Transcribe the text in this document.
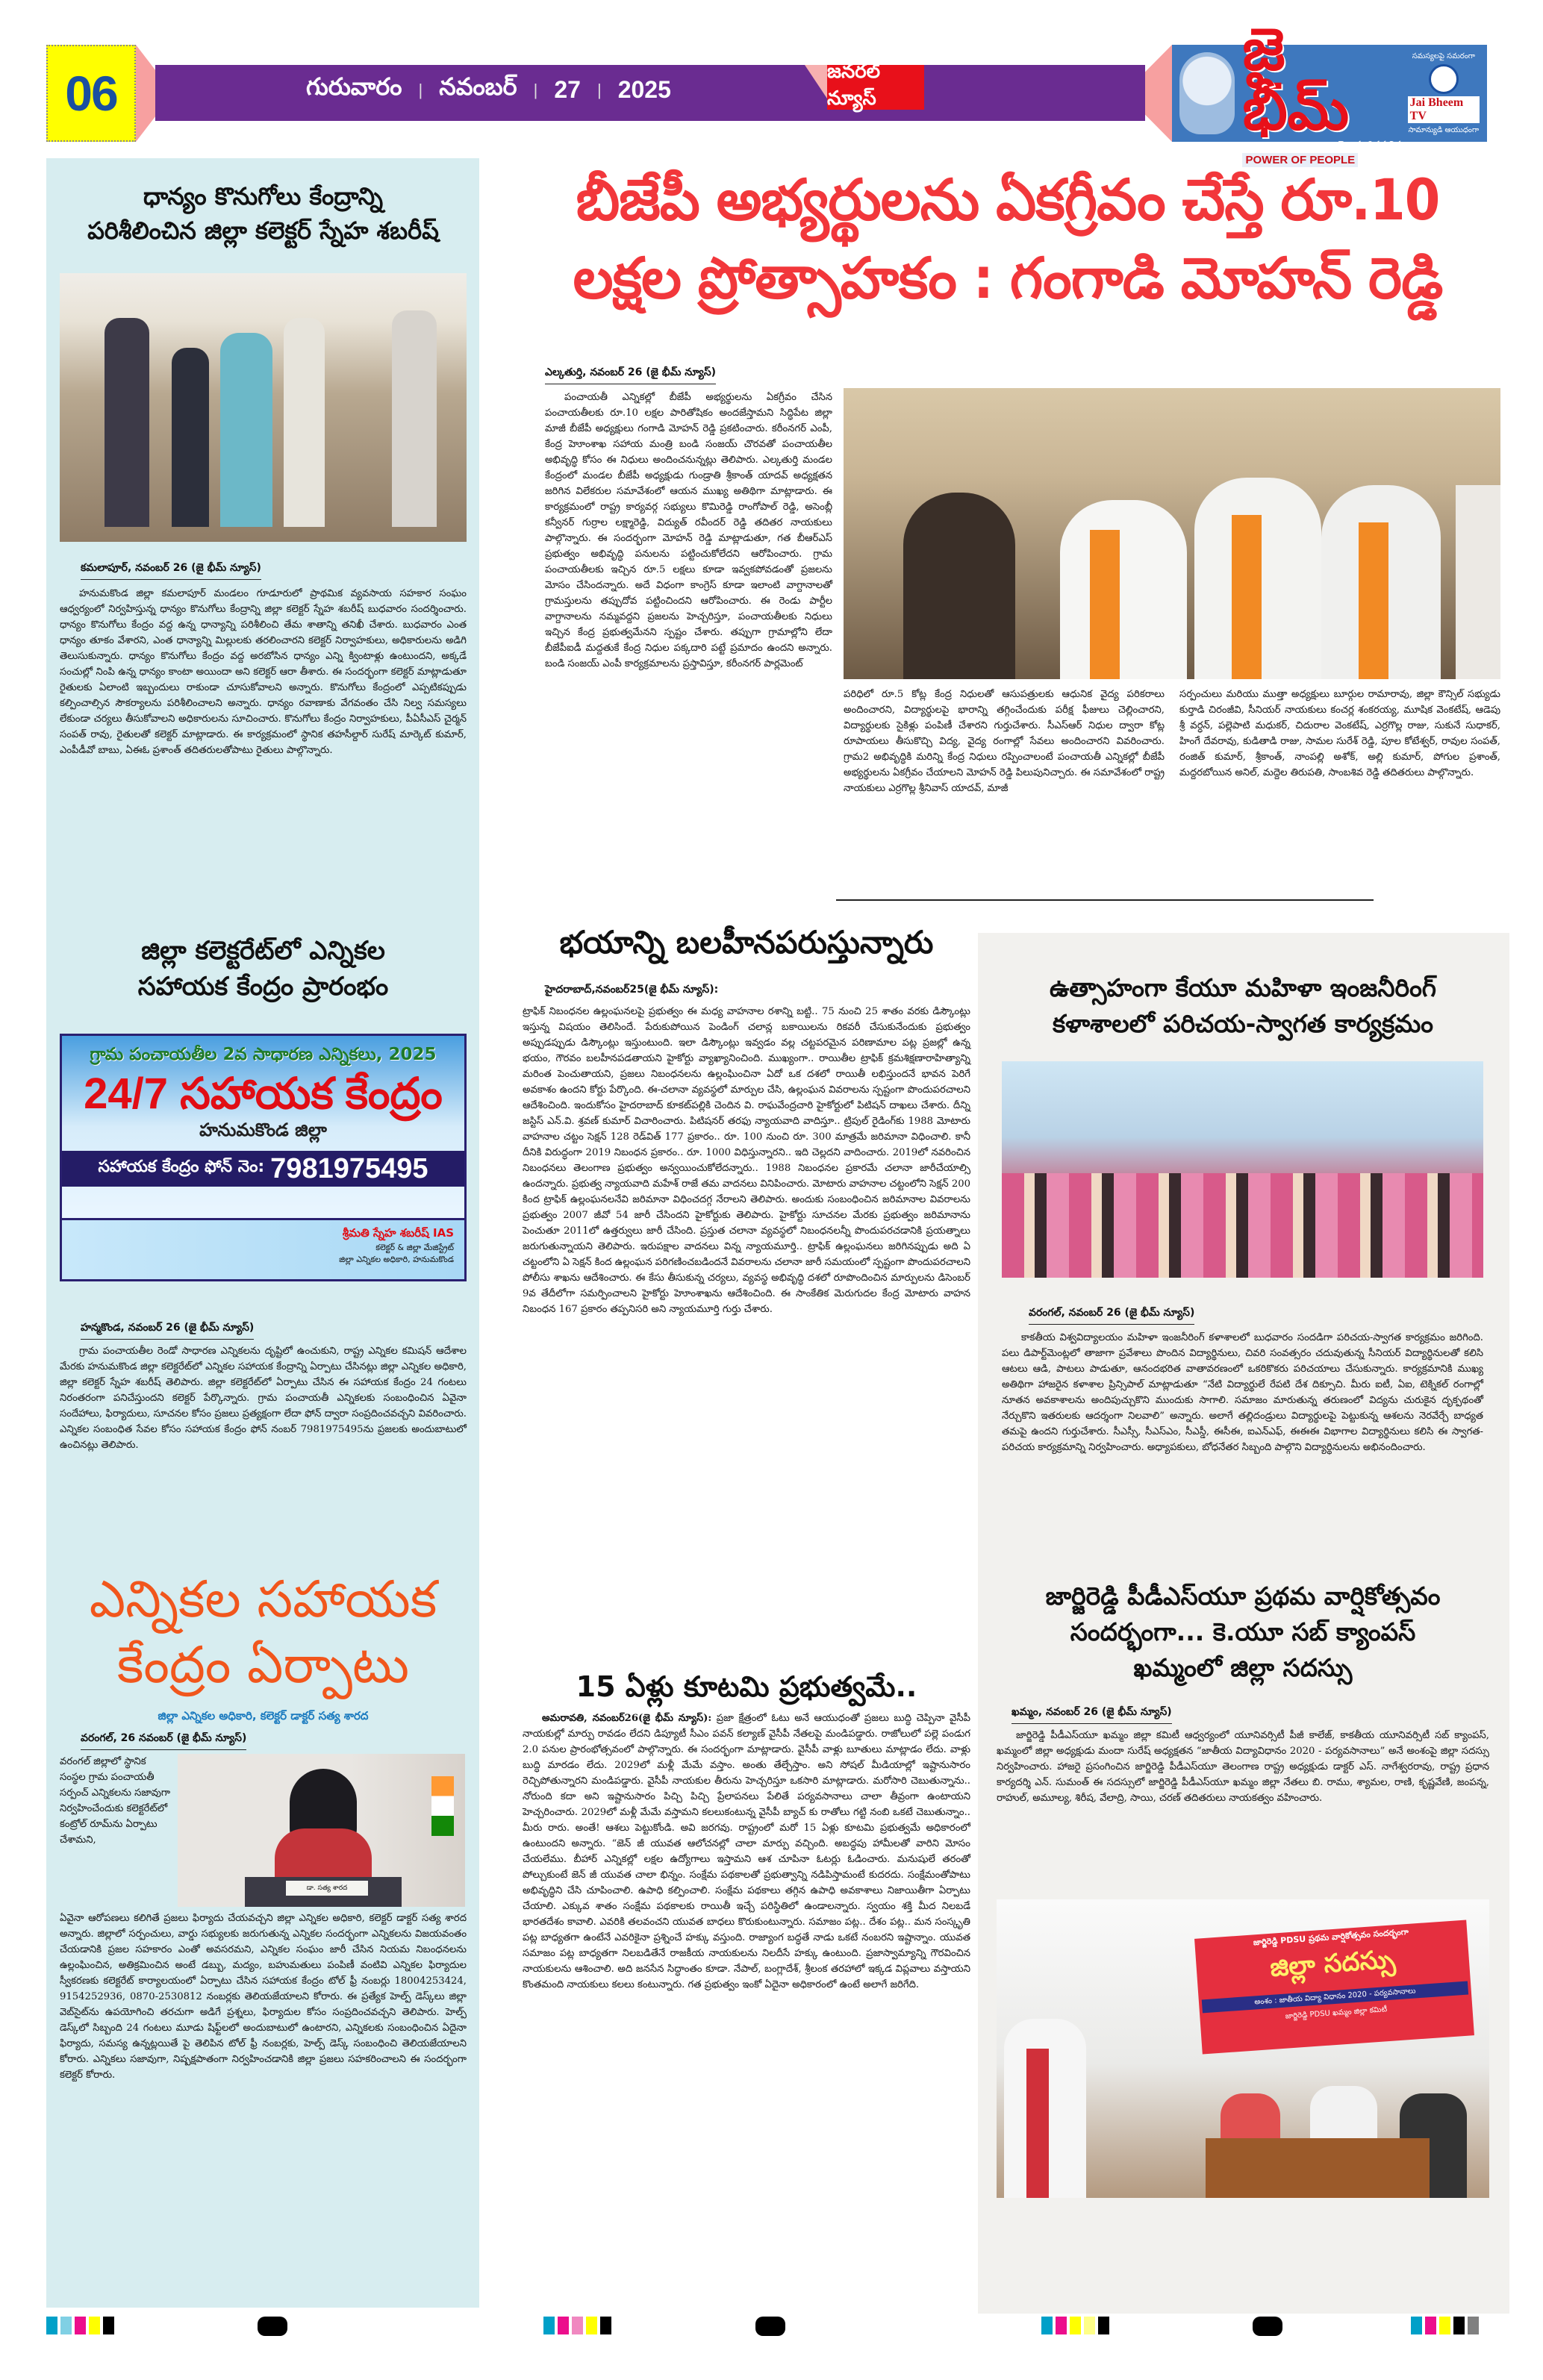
06	గురువారం | నవంబర్ | 27 | 2025
జనరల్ న్యూస్
జై భీమ్
తెలుగు దినపత్రిక
POWER OF PEOPLE
సమస్యలపై సమరంగా
Jai Bheem TV
సామాన్యుడి ఆయుధంగా
ధాన్యం కొనుగోలు కేంద్రాన్ని
పరిశీలించిన జిల్లా కలెక్టర్ స్నేహ శబరీష్
కమలాపూర్, నవంబర్ 26 (జై భీమ్ న్యూస్)
హనుమకొండ జిల్లా కమలాపూర్ మండలం గూడూరులో ప్రాథమిక వ్యవసాయ సహకార సంఘం ఆధ్వర్యంలో నిర్వహిస్తున్న ధాన్యం కొనుగోలు కేంద్రాన్ని జిల్లా కలెక్టర్ స్నేహ శబరీష్ బుధవారం సందర్శించారు. ధాన్యం కొనుగోలు కేంద్రం వద్ద ఉన్న ధాన్యాన్ని పరిశీలించి తేమ శాతాన్ని తనిఖీ చేశారు. బుధవారం ఎంత ధాన్యం తూకం వేశారని, ఎంత ధాన్యాన్ని మిల్లులకు తరలించారని కలెక్టర్ నిర్వాహకులు, అధికారులను అడిగి తెలుసుకున్నారు. ధాన్యం కొనుగోలు కేంద్రం వద్ద అరబోసిన ధాన్యం ఎన్ని క్వింటాళ్లు ఉంటుందని, అక్కడే సంచుల్లో నింపి ఉన్న ధాన్యం కాంటా అయిందా అని కలెక్టర్ ఆరా తీశారు. ఈ సందర్భంగా కలెక్టర్ మాట్లాడుతూ రైతులకు ఏలాంటి ఇబ్బందులు రాకుండా చూసుకోవాలని అన్నారు. కొనుగోలు కేంద్రంలో ఎప్పటికప్పుడు కల్పించాల్సిన సౌకర్యాలను పరిశీలించాలని అన్నారు. ధాన్యం రవాణాకు వేగవంతం చేసి నిల్వ సమస్యలు లేకుండా చర్యలు తీసుకోవాలని అధికారులను సూచించారు. కొనుగోలు కేంద్రం నిర్వాహకులు, పీఏసీఎస్ చైర్మన్ సంపత్ రావు, రైతులతో కలెక్టర్ మాట్లాడారు. ఈ కార్యక్రమంలో స్థానిక తహసీల్దార్ సురేష్ మార్కెట్ కుమార్, ఎంపీడీవో బాబు, ఏఈఓ ప్రశాంత్ తదితరులతోపాటు రైతులు పాల్గొన్నారు.
జిల్లా కలెక్టరేట్‌లో ఎన్నికల
సహాయక కేంద్రం ప్రారంభం
గ్రామ పంచాయతీల 2వ సాధారణ ఎన్నికలు, 2025
24/7 సహాయక కేంద్రం
హనుమకొండ జిల్లా
సహాయక కేంద్రం ఫోన్ నెం: 7981975495
శ్రీమతి స్నేహ శబరీష్ IAS
కలెక్టర్ & జిల్లా మేజిస్ట్రేట్
జిల్లా ఎన్నికల అధికారి, హనుమకొండ
హన్మకొండ, నవంబర్ 26 (జై భీమ్ న్యూస్)
గ్రామ పంచాయతీల రెండో సాధారణ ఎన్నికలను దృష్టిలో ఉంచుకుని, రాష్ట్ర ఎన్నికల కమిషన్ ఆదేశాల మేరకు హనుమకొండ జిల్లా కలెక్టరేట్‌లో ఎన్నికల సహాయక కేంద్రాన్ని ఏర్పాటు చేసినట్లు జిల్లా ఎన్నికల అధికారి, జిల్లా కలెక్టర్ స్నేహ శబరీష్ తెలిపారు. జిల్లా కలెక్టరేట్‌లో ఏర్పాటు చేసిన ఈ సహాయక కేంద్రం 24 గంటలు నిరంతరంగా పనిచేస్తుందని కలెక్టర్ పేర్కొన్నారు. గ్రామ పంచాయతీ ఎన్నికలకు సంబంధించిన ఏవైనా సందేహాలు, ఫిర్యాదులు, సూచనల కోసం ప్రజలు ప్రత్యక్షంగా లేదా ఫోన్ ద్వారా సంప్రదించవచ్చని వివరించారు. ఎన్నికల సంబంధిత సేవల కోసం సహాయక కేంద్రం ఫోన్ నంబర్ 7981975495ను ప్రజలకు అందుబాటులో ఉంచినట్లు తెలిపారు.
ఎన్నికల సహాయక కేంద్రం ఏర్పాటు
జిల్లా ఎన్నికల అధికారి, కలెక్టర్ డాక్టర్ సత్య శారద
వరంగల్, 26 నవంబర్ (జై భీమ్ న్యూస్)
వరంగల్ జిల్లాలో స్థానిక సంస్థల గ్రామ పంచాయతీ సర్పంచ్ ఎన్నికలను సజావుగా నిర్వహించేందుకు కలెక్టరేట్‌లో కంట్రోల్ రూమ్‌ను ఏర్పాటు చేశామని,
డా. సత్య శారద
ఏవైనా ఆరోపణలు కలిగితే ప్రజలు ఫిర్యాదు చేయవచ్చని జిల్లా ఎన్నికల అధికారి, కలెక్టర్ డాక్టర్ సత్య శారద అన్నారు. జిల్లాలో సర్పంచులు, వార్డు సభ్యులకు జరుగుతున్న ఎన్నికల సందర్భంగా ఎన్నికలను విజయవంతం చేయడానికి ప్రజల సహకారం ఎంతో అవసరమని, ఎన్నికల సంఘం జారీ చేసిన నియమ నిబంధనలను ఉల్లంఘించిన, అతిక్రమించిన అంటే డబ్బు, మద్యం, బహుమతులు పంపిణీ వంటివి ఎన్నికల ఫిర్యాదుల స్వీకరణకు కలెక్టరేట్ కార్యాలయంలో ఏర్పాటు చేసిన సహాయక కేంద్రం టోల్ ఫ్రీ నంబర్లు 18004253424, 9154252936, 0870-2530812 నంబర్లకు తెలియజేయాలని కోరారు. ఈ ప్రత్యేక హెల్ప్ డెస్క్‌లు జిల్లా వెబ్‌సైట్‌ను ఉపయోగించి తరచుగా అడిగే ప్రశ్నలు, ఫిర్యాదుల కోసం సంప్రదించవచ్చని తెలిపారు. హెల్ప్ డెస్క్‌లో సిబ్బంది 24 గంటలు మూడు షిఫ్ట్‌లలో అందుబాటులో ఉంటారని, ఎన్నికలకు సంబంధించిన ఏదైనా ఫిర్యాదు, సమస్య ఉన్నట్లయితే పై తెలిపిన టోల్ ఫ్రీ నంబర్లకు, హెల్ప్ డెస్క్ సంబంధించి తెలియజేయాలని కోరారు. ఎన్నికలు సజావుగా, నిష్పక్షపాతంగా నిర్వహించడానికి జిల్లా ప్రజలు సహకరించాలని ఈ సందర్భంగా కలెక్టర్ కోరారు.
బీజేపీ అభ్యర్థులను ఏకగ్రీవం చేస్తే రూ.10
లక్షల ప్రోత్సాహకం : గంగాడి మోహన్ రెడ్డి
ఎల్కతుర్తి, నవంబర్ 26 (జై భీమ్ న్యూస్)
పంచాయతీ ఎన్నికల్లో బీజేపీ అభ్యర్థులను ఏకగ్రీవం చేసిన పంచాయతీలకు రూ.10 లక్షల పారితోషికం అందజేస్తామని సిద్ధిపేట జిల్లా మాజీ బీజేపీ అధ్యక్షులు గంగాడి మోహన్ రెడ్డి ప్రకటించారు. కరీంనగర్ ఎంపీ, కేంద్ర హెూంశాఖ సహాయ మంత్రి బండి సంజయ్ చొరవతో పంచాయతీల అభివృద్ధి కోసం ఈ నిధులు అందించనున్నట్లు తెలిపారు. ఎల్కతుర్తి మండల కేంద్రంలో మండల బీజేపీ అధ్యక్షుడు గుండ్రాతి శ్రీకాంత్ యాదవ్ అధ్యక్షతన జరిగిన విలేకరుల సమావేశంలో ఆయన ముఖ్య అతిథిగా మాట్లాడారు. ఈ కార్యక్రమంలో రాష్ట్ర కార్యవర్గ సభ్యులు కొమిరెడ్డి రాంగోపాల్ రెడ్డి, అసెంబ్లీ కన్వీనర్ గుర్రాల లక్ష్మారెడ్డి, విద్యుత్ రవీందర్ రెడ్డి తదితర నాయకులు పాల్గొన్నారు. ఈ సందర్భంగా మోహన్ రెడ్డి మాట్లాడుతూ, గత బీఆర్ఎస్ ప్రభుత్వం అభివృద్ధి పనులను పట్టించుకోలేదని ఆరోపించారు. గ్రామ పంచాయతీలకు ఇచ్చిన రూ.5 లక్షలు కూడా ఇవ్వకపోవడంతో ప్రజలను మోసం చేసిందన్నారు. అదే విధంగా కాంగ్రెస్ కూడా ఇలాంటి వాగ్దానాలతో గ్రామస్తులను తప్పుదోవ పట్టించిందని ఆరోపించారు. ఈ రెండు పార్టీల వాగ్దానాలను నమ్మవద్దని ప్రజలను హెచ్చరిస్తూ, పంచాయతీలకు నిధులు ఇచ్చిన కేంద్ర ప్రభుత్వమేనని స్పష్టం చేశారు. తప్పుగా గ్రామాల్లోని లేదా బీజేపీఐడీ మద్దతుకే కేంద్ర నిధుల పక్కదారి పట్టే ప్రమాదం ఉందని అన్నారు. బండి సంజయ్ ఎంపీ కార్యక్రమాలను ప్రస్తావిస్తూ, కరీంనగర్ పార్లమెంట్
పరిధిలో రూ.5 కోట్ల కేంద్ర నిధులతో ఆసుపత్రులకు ఆధునిక వైద్య పరికరాలు అందించారని, విద్యార్థులపై భారాన్ని తగ్గించేందుకు పరీక్ష ఫీజులు చెల్లించారని, విద్యార్థులకు సైకిళ్లు పంపిణీ చేశారని గుర్తుచేశారు. సీఎస్ఆర్ నిధుల ద్వారా కోట్ల రూపాయలు తీసుకొచ్చి విద్య, వైద్య రంగాల్లో సేవలు అందించారని వివరించారు. గ్రామ2 అభివృద్ధికి మరిన్ని కేంద్ర నిధులు రప్పించాలంటే పంచాయతీ ఎన్నికల్లో బీజేపీ అభ్యర్థులను ఏకగ్రీవం చేయాలని మోహన్ రెడ్డి పిలుపునిచ్చారు. ఈ సమావేశంలో రాష్ట్ర నాయకులు ఎర్రగొల్ల శ్రీనివాస్ యాదవ్, మాజీ
సర్పంచులు మరియు ముత్తా అధ్యక్షులు బూర్గుల రామారావు, జిల్లా కౌన్సిల్ సభ్యుడు కుర్తాడి చిరంజీవి, సీనియర్ నాయకులు కంచర్ల శంకరయ్య, మూషిక వెంకటేష్, ఆడెపు శ్రీ వర్ధన్, పల్లెపాటి మధుకర్, చిదురాల వెంకటేష్, ఎర్రగొల్ల రాజు, సుకునే సుధాకర్, హింగే దేవరావు, కుడితాడి రాజు, సామల సురేశ్ రెడ్డి, పూల కోటేశ్వర్, రావుల సంపత్, రంజిత్ కుమార్, శ్రీకాంత్, నాంపల్లి అశోక్, అల్లి కుమార్, పోగుల ప్రశాంత్, మద్దరబోయిన అనిల్, మద్దెల తిరుపతి, సాంబశివ రెడ్డి తదితరులు పాల్గొన్నారు.
భయాన్ని బలహీనపరుస్తున్నారు
హైదరాబాద్,నవంబర్25(జై భీమ్ న్యూస్):
ట్రాఫిక్ నిబంధనల ఉల్లంఘనలపై ప్రభుత్వం ఈ మధ్య వాహనాల రశాన్ని బట్టి.. 75 నుంచి 25 శాతం వరకు డిస్కౌంట్లు ఇస్తున్న విషయం తెలిసిందే. పేరుకుపోయిన పెండింగ్ చలాన్ల బకాయిలను రికవరీ చేసుకునేందుకు ప్రభుత్వం అప్పుడప్పుడు డిస్కౌంట్లు ఇస్తుంటుంది. ఇలా డిస్కౌంట్లు ఇవ్వడం వల్ల చట్టపరమైన పరిణామాల పట్ల ప్రజల్లో ఉన్న భయం, గౌరవం బలహీనపడతాయని హైకోర్టు వ్యాఖ్యానించింది. ముఖ్యంగా.. రాయితీల ట్రాఫిక్ క్రమశిక్షణారాహిత్యాన్ని మరింత పెంచుతాయని, ప్రజలు నిబంధనలను ఉల్లంఘించినా ఏదో ఒక దశలో రాయితీ లభిస్తుందనే భావన పెరిగే అవకాశం ఉందని కోర్టు పేర్కొంది. ఈ-చలానా వ్యవస్థలో మార్పుల చేసి, ఉల్లంఘన వివరాలను స్పష్టంగా పొందుపరచాలని ఆదేశించింది. ఇందుకోసం హైదరాబాద్ కూకట్‌పల్లికి చెందిన వి. రాఘవేంద్రచారి హైకోర్టులో పిటిషన్ దాఖలు చేశారు. దీన్ని జస్టిస్ ఎన్.వి. శ్రవణ్ కుమార్ విచారించారు. పిటిషనర్ తరఫు న్యాయవాది వాదిస్తూ.. ట్రిపుల్ రైడింగ్‌కు 1988 మోటారు వాహనాల చట్టం సెక్షన్ 128 రెడ్‌విత్ 177 ప్రకారం.. రూ. 100 నుంచి రూ. 300 మాత్రమే జరిమానా విధించాలి. కానీ దీనికి విరుద్ధంగా 2019 నిబంధన ప్రకారం.. రూ. 1000 విధిస్తున్నారని.. ఇది చెల్లదని వాదించారు. 2019లో నవరించిన నిబంధనలు తెలంగాణ ప్రభుత్వం అన్వయించుకోలేదన్నారు.. 1988 నిబంధనల ప్రకారమే చలానా జారీచేయాల్సి ఉందన్నారు. ప్రభుత్వ న్యాయవాది మహేశ్ రాజే తమ వాదనలు వినిపించారు. మోటారు వాహనాల చట్టంలోని సెక్షన్ 200 కింద ట్రాఫిక్ ఉల్లంఘనలనేవి జరిమానా విధించదగ్గ నేరాలని తెలిపారు. అందుకు సంబంధించిన జరిమానాల వివరాలను ప్రభుత్వం 2007 జీవో 54 జారీ చేసిందని హైకోర్టుకు తెలిపారు. హైకోర్టు సూచనల మేరకు ప్రభుత్వం జరిమానాను పెంచుతూ 2011లో ఉత్తర్వులు జారీ చేసింది. ప్రస్తుత చలానా వ్యవస్థలో నిబంధనలన్నీ పొందుపరచడానికి ప్రయత్నాలు జరుగుతున్నాయని తెలిపారు. ఇరుపక్షాల వాదనలు విన్న న్యాయమూర్తి.. ట్రాఫిక్ ఉల్లంఘనలు జరిగినప్పుడు అది ఏ చట్టంలోని ఏ సెక్షన్ కింద ఉల్లంఘన పరిగణించబడిందనే వివరాలను చలానా జారీ సమయంలో స్పష్టంగా పొందుపరచాలని పోలీసు శాఖను ఆదేశించారు. ఈ కేసు తీసుకున్న చర్యలు, వ్యవస్థ అభివృద్ధి దశలో రూపొందించిన మార్పులను డిసెంబర్ 9వ తేదీలోగా సమర్పించాలని హైకోర్టు హెూంశాఖను ఆదేశించింది. ఈ సాంకేతిక మెరుగుదల కేంద్ర మోటారు వాహన నిబంధన 167 ప్రకారం తప్పనిసరి అని న్యాయమూర్తి గుర్తు చేశారు.
15 ఏళ్లు కూటమి ప్రభుత్వమే..
అమరావతి, నవంబర్26(జై భీమ్ న్యూస్): ప్రజా క్షేత్రంలో ఓటు అనే ఆయుధంతో ప్రజలు బుద్ధి చెప్పినా వైసీపీ నాయకుల్లో మార్పు రావడం లేదని డిప్యూటీ సీఎం పవన్ కల్యాణ్ వైసీపీ నేతలపై మండిపడ్డారు. రాజోలులో పల్లె పండుగ 2.0 పనుల ప్రారంభోత్సవంలో పాల్గొన్నారు. ఈ సందర్భంగా మాట్లాడారు. వైసీపీ వాళ్లు బూతులు మాట్లాడం లేదు. వాళ్లు బుద్ధి మారడం లేదు. 2029లో మళ్లీ మేమే వస్తాం. అంతు తేల్చేస్తాం. అని సోషల్ మీడియాల్లో ఇష్టానుసారం రెచ్చిపోతున్నారని మండిపడ్డారు. వైసీపీ నాయకుల తీరును హెచ్చరిస్తూ ఒకసారి మాట్లాడారు. మరోసారి చెబుతున్నాను.. నోరుంది కదా అని ఇష్టానుసారం పిచ్చి పిచ్చి ప్రేలాపనలు పేలితే పర్యవసానాలు చాలా తీవ్రంగా ఉంటాయని హెచ్చరించారు. 2029లో మళ్లీ మేమే వస్తామని కలలుకంటున్న వైసీపీ బ్యాచ్ కు రాతోలు గట్టి నంబి ఒకటే చెబుతున్నాం.. మీరు రారు. అంతే! ఆశలు పెట్టుకోండి. అవి జరగవు. రాష్ట్రంలో మరో 15 ఏళ్లు కూటమి ప్రభుత్వమే అధికారంలో ఉంటుందని అన్నారు. “జెన్ జీ యువత ఆలోచనల్లో చాలా మార్పు వచ్చింది. అబద్ధపు హామీలతో వారిని మోసం చేయలేము. బీహార్ ఎన్నికల్లో లక్షల ఉద్యోగాలు ఇస్తామని ఆశ చూపినా ఓటర్లు ఓడించారు. మనుషులే తరంతో పోల్చుకుంటే జెన్ జీ యువత చాలా భిన్నం. సంక్షేమ పథకాలతో ప్రభుత్వాన్ని నడిపిస్తామంటే కుదరదు. సంక్షేమంతోపాటు అభివృద్ధిని చేసి చూపించాలి. ఉపాధి కల్పించాలి. సంక్షేమ పథకాలు తగ్గిన ఉపాధి అవకాశాలు నిజాయితీగా ఏర్పాటు చేయాలి. ఎక్కువ శాతం సంక్షేమ పథకాలకు రాయితీ ఇచ్చే పరిస్థితిలో ఉండాలన్నారు. స్వయం శక్తి మీద నిలబడే భారతదేశం కావాలి. ఎవరికి తలవంచని యువత బాధలు కొరుకుంటున్నారు. సమాజం పట్ల.. దేశం పట్ల.. మన సంస్కృతి పట్ల బాధ్యతగా ఉంటేనే ఎవరికైనా ప్రశ్నించే హక్కు వస్తుంది. రాజ్యాంగ బద్ధతే నాడు ఒకటే నంబరని ఇష్టాన్నాం. యువత సమాజం పట్ల బాధ్యతగా నిలబడితేనే రాజకీయ నాయకులను నిలదీసే హక్కు ఉంటుంది. ప్రజాస్వామ్యాన్ని గౌరవించిన నాయకులను ఆశించాలి. అది జనసేన సిద్ధాంతం కూడా. నేపాల్, బంగ్లాదేశ్, శ్రీలంక తరహాలో ఇక్కడ విప్లవాలు వస్తాయని కొంతమంది నాయకులు కలలు కంటున్నారు. గత ప్రభుత్వం ఇంకో ఏదైనా అధికారంలో ఉంటే అలాగే జరిగేది.
ఉత్సాహంగా కేయూ మహిళా ఇంజనీరింగ్
కళాశాలలో పరిచయ-స్వాగత కార్యక్రమం
వరంగల్, నవంబర్ 26 (జై భీమ్ న్యూస్)
కాకతీయ విశ్వవిద్యాలయం మహిళా ఇంజనీరింగ్ కళాశాలలో బుధవారం సందడిగా పరిచయ-స్వాగత కార్యక్రమం జరిగింది. పలు డిపార్ట్‌మెంట్లలో తాజాగా ప్రవేశాలు పొందిన విద్యార్థినులు, చివరి సంవత్సరం చదువుతున్న సీనియర్ విద్యార్థినులతో కలిసి ఆటలు ఆడి, పాటలు పాడుతూ, ఆనందభరిత వాతావరణంలో ఒకరికొకరు పరిచయాలు చేసుకున్నారు. కార్యక్రమానికి ముఖ్య అతిథిగా హాజరైన కళాశాల ప్రిన్సిపాల్ మాట్లాడుతూ “నేటి విద్యార్థులే రేపటి దేశ దిక్సూచి. మీరు ఐటీ, ఏఐ, టెక్నికల్ రంగాల్లో నూతన అవకాశాలను అందిపుచ్చుకొని ముందుకు సాగాలి. సమాజం మారుతున్న తరుణంలో విద్యను చురుకైన దృక్పథంతో నేర్చుకొని ఇతరులకు ఆదర్శంగా నిలవాలి” అన్నారు. అలాగే తల్లిదండ్రులు విద్యార్థులపై పెట్టుకున్న ఆశలను నెరవేర్చే బాధ్యత తమపై ఉందని గుర్తుచేశారు. సీఎస్సీ, సీఎస్ఎం, సీఎస్డీ, ఈసీఈ, ఐఎన్ఎఫ్, ఈఈఈ విభాగాల విద్యార్థినులు కలిసి ఈ స్వాగత-పరిచయ కార్యక్రమాన్ని నిర్వహించారు. అధ్యాపకులు, బోధనేతర సిబ్బంది పాల్గొని విద్యార్థినులను అభినందించారు.
జార్జిరెడ్డి పీడీఎస్‌యూ ప్రథమ వార్షికోత్సవం
సందర్భంగా... కె.యూ సబ్ క్యాంపస్
ఖమ్మంలో జిల్లా సదస్సు
ఖమ్మం, నవంబర్ 26 (జై భీమ్ న్యూస్)
జార్జిరెడ్డి పీడీఎస్‌యూ ఖమ్మం జిల్లా కమిటీ ఆధ్వర్యంలో యూనివర్సిటీ పీజీ కాలేజ్, కాకతీయ యూనివర్సిటీ సబ్ క్యాంపస్, ఖమ్మంలో జిల్లా అధ్యక్షుడు మందా సురేష్ అధ్యక్షతన “జాతీయ విద్యావిధానం 2020 - పర్యవసానాలు” అనే అంశంపై జిల్లా సదస్సు నిర్వహించారు. హాజరై ప్రసంగించిన జార్జిరెడ్డి పీడీఎస్‌యూ తెలంగాణ రాష్ట్ర అధ్యక్షుడు డాక్టర్ ఎస్. నాగేశ్వరరావు, రాష్ట్ర ప్రధాన కార్యదర్శి ఎన్. సుమంత్ ఈ సదస్సులో జార్జిరెడ్డి పీడీఎస్‌యూ ఖమ్మం జిల్లా నేతలు బి. రాము, శ్యామల, రాణి, కృష్ణవేణి, జంపన్న, రాహుల్, అమూల్య, శిరీష, వేలాద్రి, సాయి, చరణ్ తదితరులు నాయకత్వం వహించారు.
జార్జిరెడ్డి PDSU ప్రథమ వార్షికోత్సవం సందర్భంగా
జిల్లా సదస్సు
అంశం : జాతీయ విద్యా విధానం 2020 - పర్యవసానాలు
జార్జిరెడ్డి PDSU ఖమ్మం జిల్లా కమిటీ
